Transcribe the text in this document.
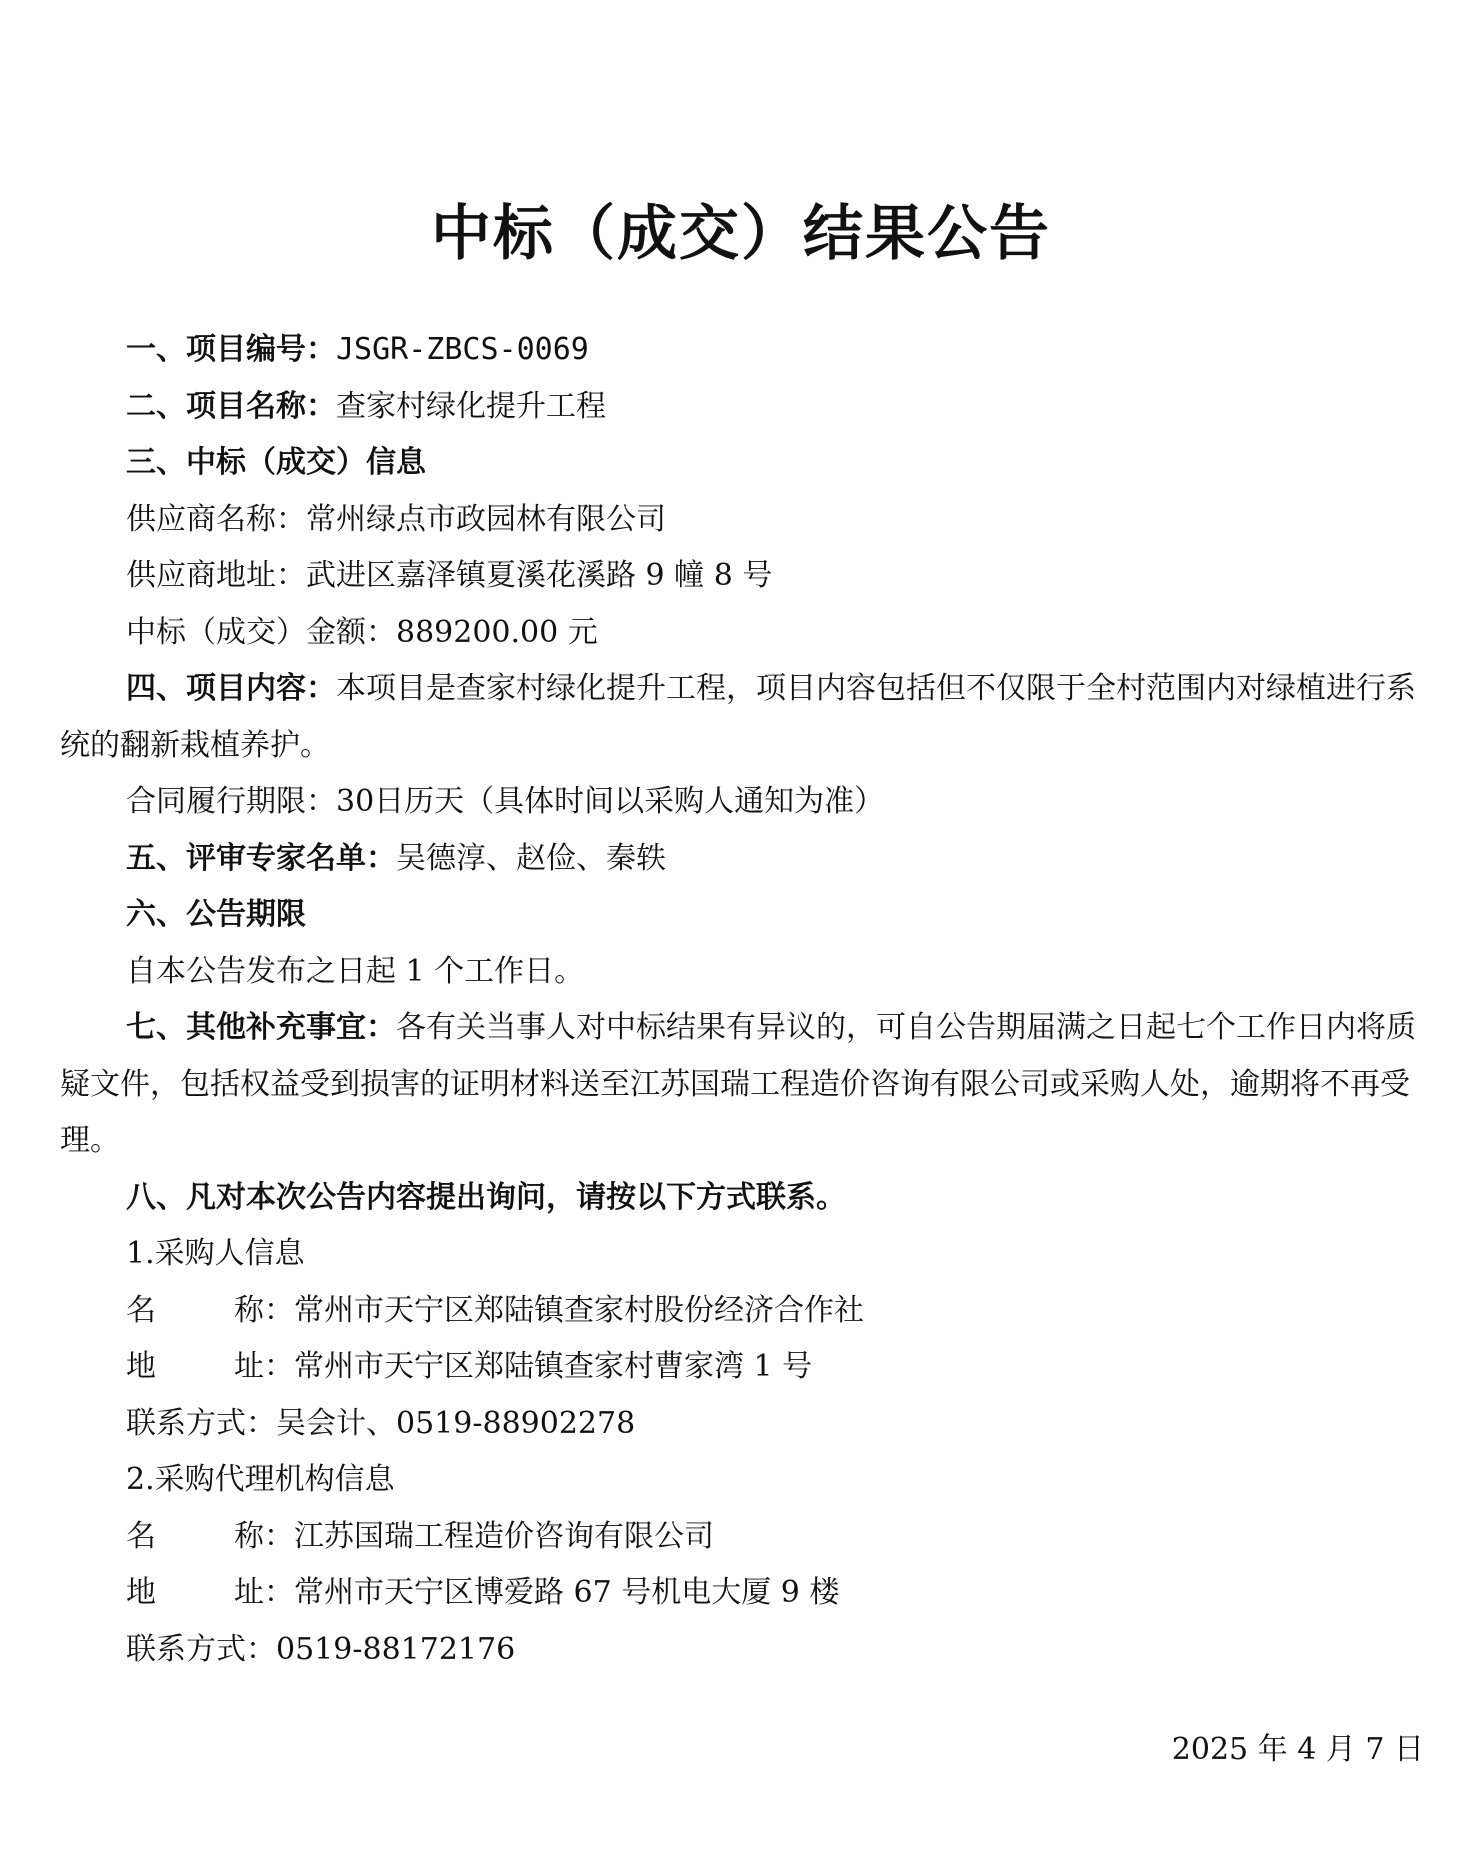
中标（成交）结果公告

一、项目编号：JSGR-ZBCS-0069

二、项目名称：查家村绿化提升工程

三、中标（成交）信息

供应商名称：常州绿点市政园林有限公司

供应商地址：武进区嘉泽镇夏溪花溪路 9 幢 8 号

中标（成交）金额：889200.00 元

四、项目内容：本项目是查家村绿化提升工程，项目内容包括但不仅限于全村范围内对绿植进行系统的翻新栽植养护。

合同履行期限：30日历天（具体时间以采购人通知为准）

五、评审专家名单：吴德淳、赵俭、秦轶

六、公告期限

自本公告发布之日起 1 个工作日。

七、其他补充事宜：各有关当事人对中标结果有异议的，可自公告期届满之日起七个工作日内将质疑文件，包括权益受到损害的证明材料送至江苏国瑞工程造价咨询有限公司或采购人处，逾期将不再受理。

八、凡对本次公告内容提出询问，请按以下方式联系。

1.采购人信息

名	称： 常州市天宁区郑陆镇查家村股份经济合作社

地	址： 常州市天宁区郑陆镇查家村曹家湾 1 号

联系方式：吴会计、0519-88902278

2.采购代理机构信息

名	称： 江苏国瑞工程造价咨询有限公司

地	址： 常州市天宁区博爱路 67 号机电大厦 9 楼

联系方式：0519-88172176

2025 年 4 月 7 日
